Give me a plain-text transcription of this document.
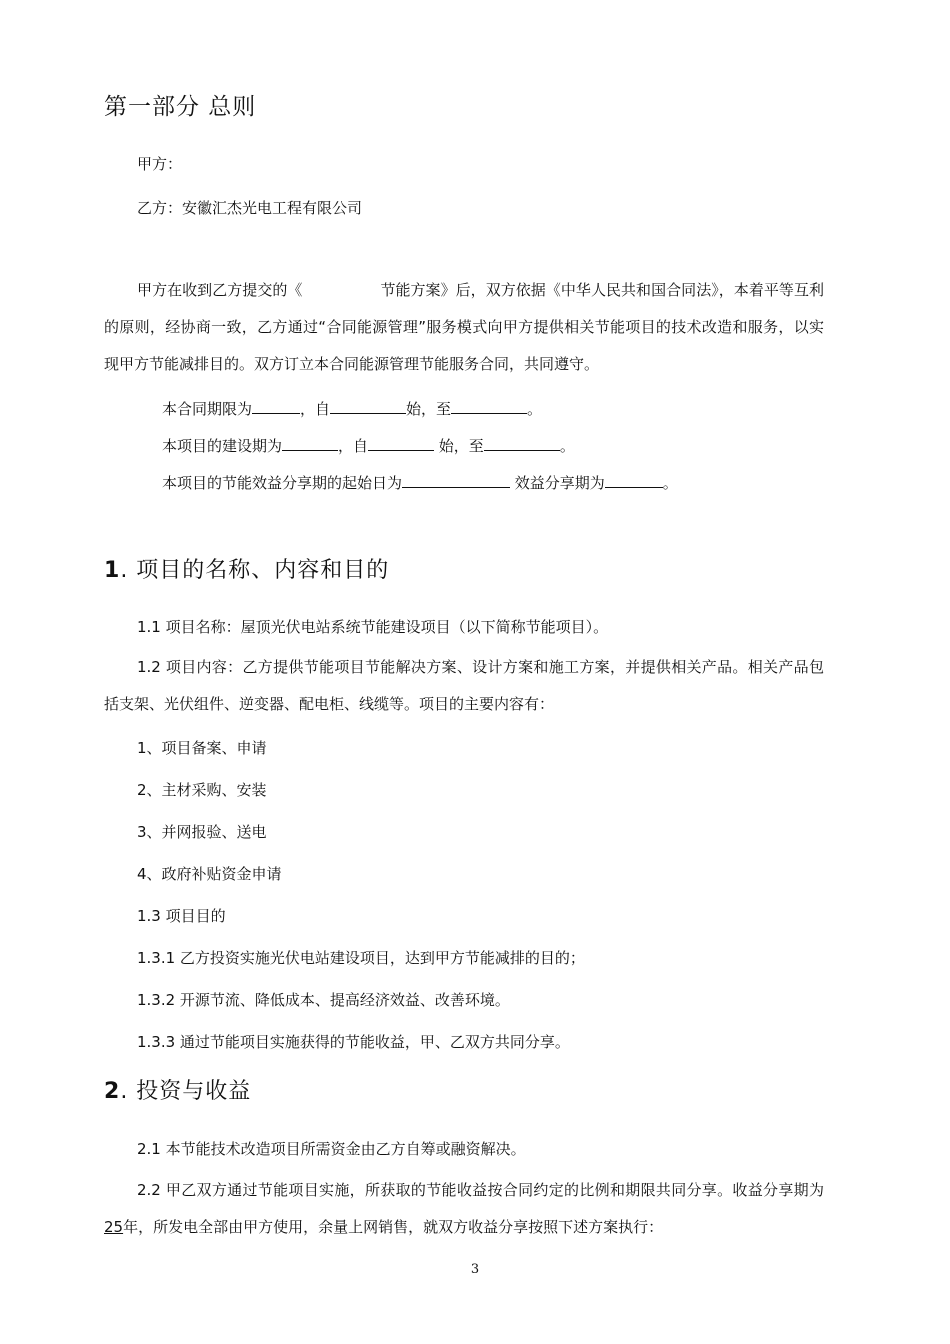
第一部分 总则
甲方：
乙方：安徽汇杰光电工程有限公司
甲方在收到乙方提交的《	节能方案》后，双方依据《中华人民共和国合同法》，本着平等互利的原则，经协商一致，乙方通过“合同能源管理”服务模式向甲方提供相关节能项目的技术改造和服务，以实现甲方节能减排目的。双方订立本合同能源管理节能服务合同，共同遵守。
本合同期限为	，自	始，至	。
本项目的建设期为	，自	始，至	。
本项目的节能效益分享期的起始日为	效益分享期为	。
1. 项目的名称、内容和目的
1.1 项目名称：屋顶光伏电站系统节能建设项目（以下简称节能项目）。
1.2 项目内容：乙方提供节能项目节能解决方案、设计方案和施工方案，并提供相关产品。相关产品包括支架、光伏组件、逆变器、配电柜、线缆等。项目的主要内容有：
1、项目备案、申请
2、主材采购、安装
3、并网报验、送电
4、政府补贴资金申请
1.3 项目目的
1.3.1 乙方投资实施光伏电站建设项目，达到甲方节能减排的目的；
1.3.2 开源节流、降低成本、提高经济效益、改善环境。
1.3.3 通过节能项目实施获得的节能收益，甲、乙双方共同分享。
2. 投资与收益
2.1 本节能技术改造项目所需资金由乙方自筹或融资解决。
2.2 甲乙双方通过节能项目实施，所获取的节能收益按合同约定的比例和期限共同分享。收益分享期为25年，所发电全部由甲方使用，余量上网销售，就双方收益分享按照下述方案执行：
3
